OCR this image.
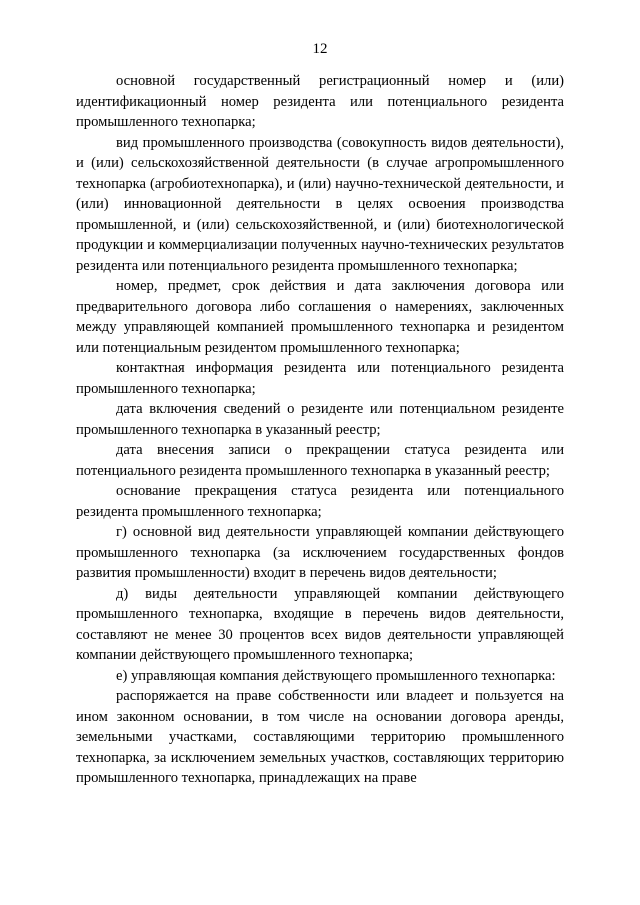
12

основной государственный регистрационный номер и (или) идентификационный номер резидента или потенциального резидента промышленного технопарка;

вид промышленного производства (совокупность видов деятельности), и (или) сельскохозяйственной деятельности (в случае агропромышленного технопарка (агробиотехнопарка), и (или) научно-технической деятельности, и (или) инновационной деятельности в целях освоения производства промышленной, и (или) сельскохозяйственной, и (или) биотехнологической продукции и коммерциализации полученных научно-технических результатов резидента или потенциального резидента промышленного технопарка;

номер, предмет, срок действия и дата заключения договора или предварительного договора либо соглашения о намерениях, заключенных между управляющей компанией промышленного технопарка и резидентом или потенциальным резидентом промышленного технопарка;

контактная информация резидента или потенциального резидента промышленного технопарка;

дата включения сведений о резиденте или потенциальном резиденте промышленного технопарка в указанный реестр;

дата внесения записи о прекращении статуса резидента или потенциального резидента промышленного технопарка в указанный реестр;

основание прекращения статуса резидента или потенциального резидента промышленного технопарка;

г) основной вид деятельности управляющей компании действующего промышленного технопарка (за исключением государственных фондов развития промышленности) входит в перечень видов деятельности;

д) виды деятельности управляющей компании действующего промышленного технопарка, входящие в перечень видов деятельности, составляют не менее 30 процентов всех видов деятельности управляющей компании действующего промышленного технопарка;

е) управляющая компания действующего промышленного технопарка:

распоряжается на праве собственности или владеет и пользуется на ином законном основании, в том числе на основании договора аренды, земельными участками, составляющими территорию промышленного технопарка, за исключением земельных участков, составляющих территорию промышленного технопарка, принадлежащих на праве
